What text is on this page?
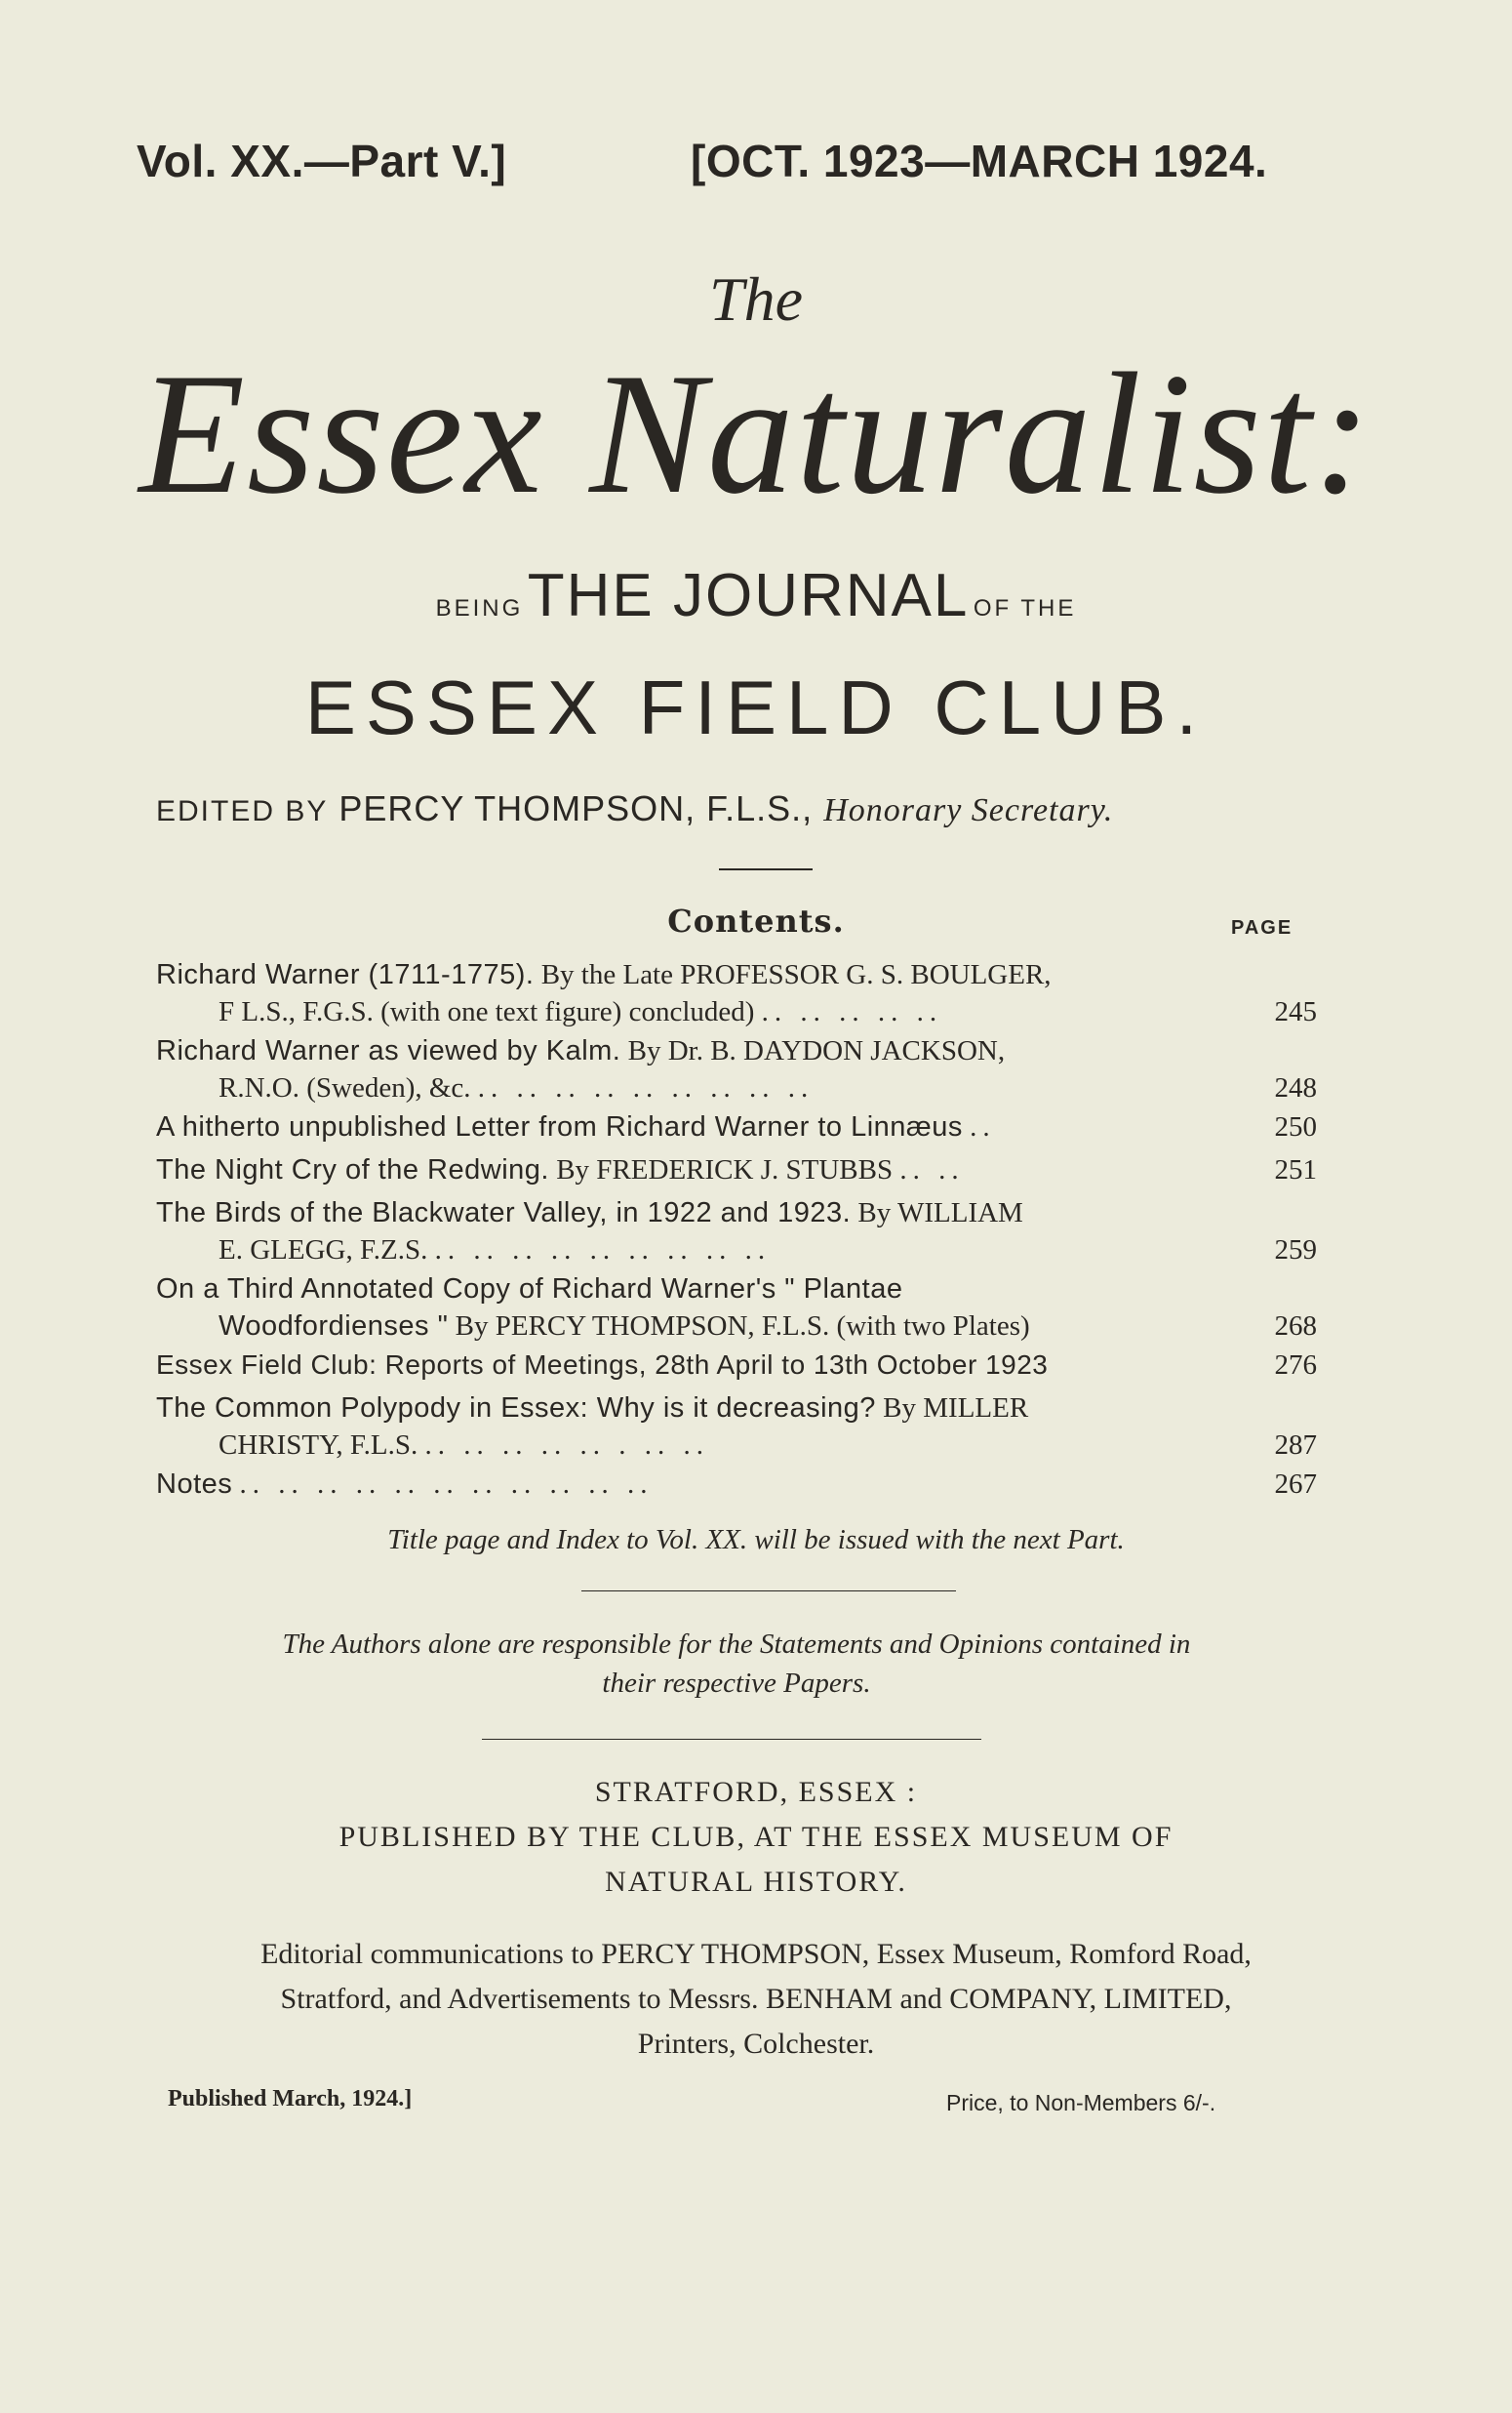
Vol. XX.—Part V.]	[OCT. 1923—MARCH 1924.
The
Essex Naturalist:
BEING THE JOURNAL OF THE
ESSEX FIELD CLUB.
EDITED BY PERCY THOMPSON, F.L.S., Honorary Secretary.
Contents.	PAGE
Richard Warner (1711-1775). By the Late PROFESSOR G. S. BOULGER,
F L.S., F.G.S. (with one text figure) concluded) .. .. .. .. ..	245
Richard Warner as viewed by Kalm. By Dr. B. DAYDON JACKSON,
R.N.O. (Sweden), &c. .. .. .. .. .. .. .. .. ..	248
A hitherto unpublished Letter from Richard Warner to Linnæus ..	250
The Night Cry of the Redwing. By FREDERICK J. STUBBS .. ..	251
The Birds of the Blackwater Valley, in 1922 and 1923. By WILLIAM
E. GLEGG, F.Z.S. .. .. .. .. .. .. .. .. ..	259
On a Third Annotated Copy of Richard Warner's " Plantae
Woodfordienses " By PERCY THOMPSON, F.L.S. (with two Plates)	268
Essex Field Club: Reports of Meetings, 28th April to 13th October 1923	276
The Common Polypody in Essex: Why is it decreasing? By MILLER
CHRISTY, F.L.S. .. .. .. .. .. . .. ..	287
Notes .. .. .. .. .. .. .. .. .. .. ..	267
Title page and Index to Vol. XX. will be issued with the next Part.
The Authors alone are responsible for the Statements and Opinions contained in
their respective Papers.
STRATFORD, ESSEX :
PUBLISHED BY THE CLUB, AT THE ESSEX MUSEUM OF
NATURAL HISTORY.
Editorial communications to PERCY THOMPSON, Essex Museum, Romford Road,
Stratford, and Advertisements to Messrs. BENHAM and COMPANY, LIMITED,
Printers, Colchester.
Published March, 1924.]	Price, to Non-Members 6/-.
